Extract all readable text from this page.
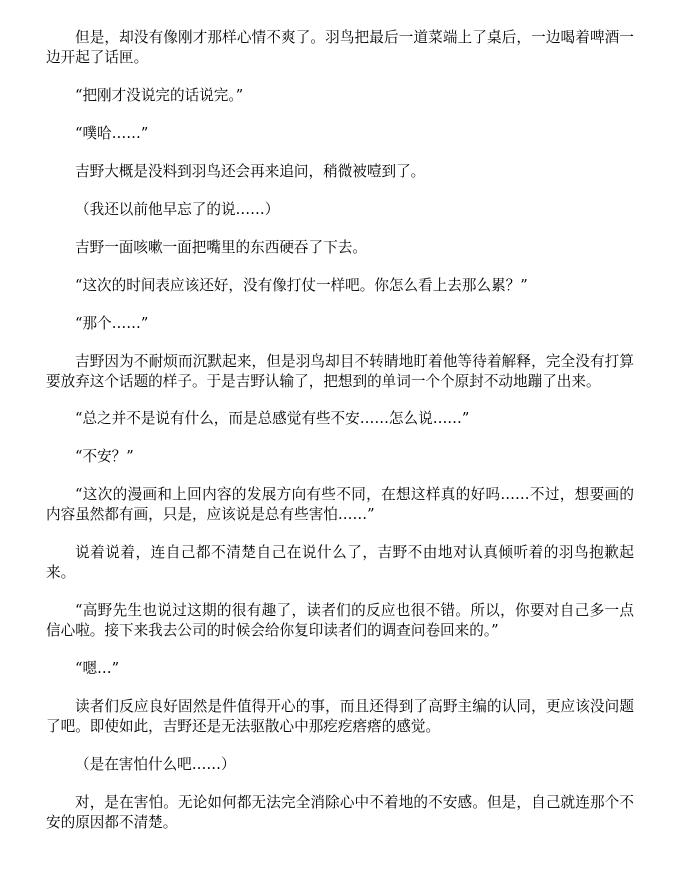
但是，却没有像刚才那样心情不爽了。羽鸟把最后一道菜端上了桌后，一边喝着啤酒一边开起了话匣。

“把刚才没说完的话说完。”

“噗哈……”

吉野大概是没料到羽鸟还会再来追问，稍微被噎到了。

（我还以前他早忘了的说……）

吉野一面咳嗽一面把嘴里的东西硬吞了下去。

“这次的时间表应该还好，没有像打仗一样吧。你怎么看上去那么累？”

“那个……”

吉野因为不耐烦而沉默起来，但是羽鸟却目不转睛地盯着他等待着解释，完全没有打算要放弃这个话题的样子。于是吉野认输了，把想到的单词一个个原封不动地蹦了出来。

“总之并不是说有什么，而是总感觉有些不安……怎么说……”

“不安？”

“这次的漫画和上回内容的发展方向有些不同，在想这样真的好吗……不过，想要画的内容虽然都有画，只是，应该说是总有些害怕……”

说着说着，连自己都不清楚自己在说什么了，吉野不由地对认真倾听着的羽鸟抱歉起来。

“高野先生也说过这期的很有趣了，读者们的反应也很不错。所以，你要对自己多一点信心啦。接下来我去公司的时候会给你复印读者们的调查问卷回来的。”

“嗯…”

读者们反应良好固然是件值得开心的事，而且还得到了高野主编的认同，更应该没问题了吧。即使如此，吉野还是无法驱散心中那疙疙瘩瘩的感觉。

（是在害怕什么吧……）

对，是在害怕。无论如何都无法完全消除心中不着地的不安感。但是，自己就连那个不安的原因都不清楚。
